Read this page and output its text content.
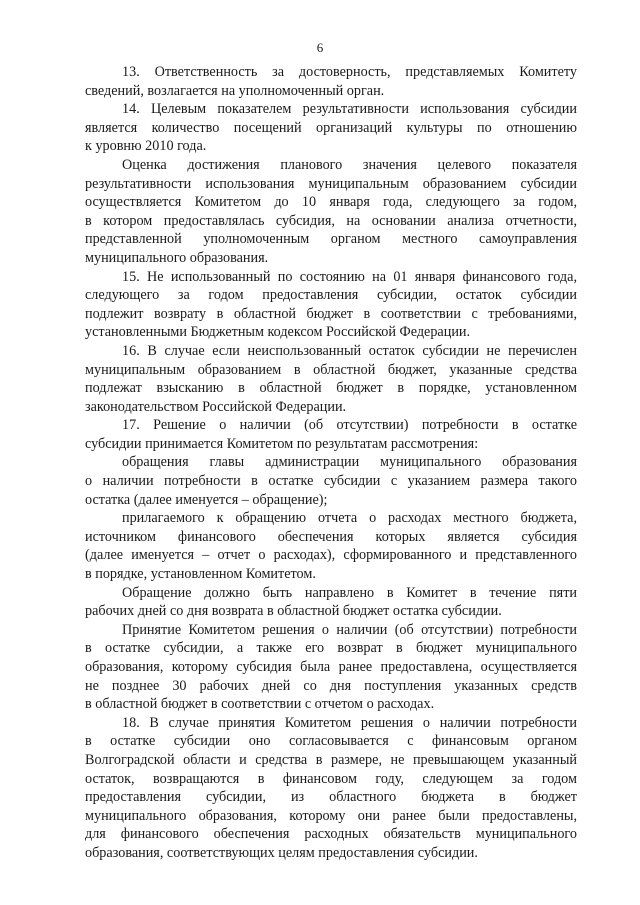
6
13. Ответственность за достоверность, представляемых Комитету
сведений, возлагается на уполномоченный орган.
14. Целевым показателем результативности использования субсидии
является количество посещений организаций культуры по отношению
к уровню 2010 года.
Оценка достижения планового значения целевого показателя
результативности использования муниципальным образованием субсидии
осуществляется Комитетом до 10 января года, следующего за годом,
в котором предоставлялась субсидия, на основании анализа отчетности,
представленной уполномоченным органом местного самоуправления
муниципального образования.
15. Не использованный по состоянию на 01 января финансового года,
следующего за годом предоставления субсидии, остаток субсидии
подлежит возврату в областной бюджет в соответствии с требованиями,
установленными Бюджетным кодексом Российской Федерации.
16. В случае если неиспользованный остаток субсидии не перечислен
муниципальным образованием в областной бюджет, указанные средства
подлежат взысканию в областной бюджет в порядке, установленном
законодательством Российской Федерации.
17. Решение о наличии (об отсутствии) потребности в остатке
субсидии принимается Комитетом по результатам рассмотрения:
обращения главы администрации муниципального образования
о наличии потребности в остатке субсидии с указанием размера такого
остатка (далее именуется – обращение);
прилагаемого к обращению отчета о расходах местного бюджета,
источником финансового обеспечения которых является субсидия
(далее именуется – отчет о расходах), сформированного и представленного
в порядке, установленном Комитетом.
Обращение должно быть направлено в Комитет в течение пяти
рабочих дней со дня возврата в областной бюджет остатка субсидии.
Принятие Комитетом решения о наличии (об отсутствии) потребности
в остатке субсидии, а также его возврат в бюджет муниципального
образования, которому субсидия была ранее предоставлена, осуществляется
не позднее 30 рабочих дней со дня поступления указанных средств
в областной бюджет в соответствии с отчетом о расходах.
18. В случае принятия Комитетом решения о наличии потребности
в остатке субсидии оно согласовывается с финансовым органом
Волгоградской области и средства в размере, не превышающем указанный
остаток, возвращаются в финансовом году, следующем за годом
предоставления субсидии, из областного бюджета в бюджет
муниципального образования, которому они ранее были предоставлены,
для финансового обеспечения расходных обязательств муниципального
образования, соответствующих целям предоставления субсидии.
